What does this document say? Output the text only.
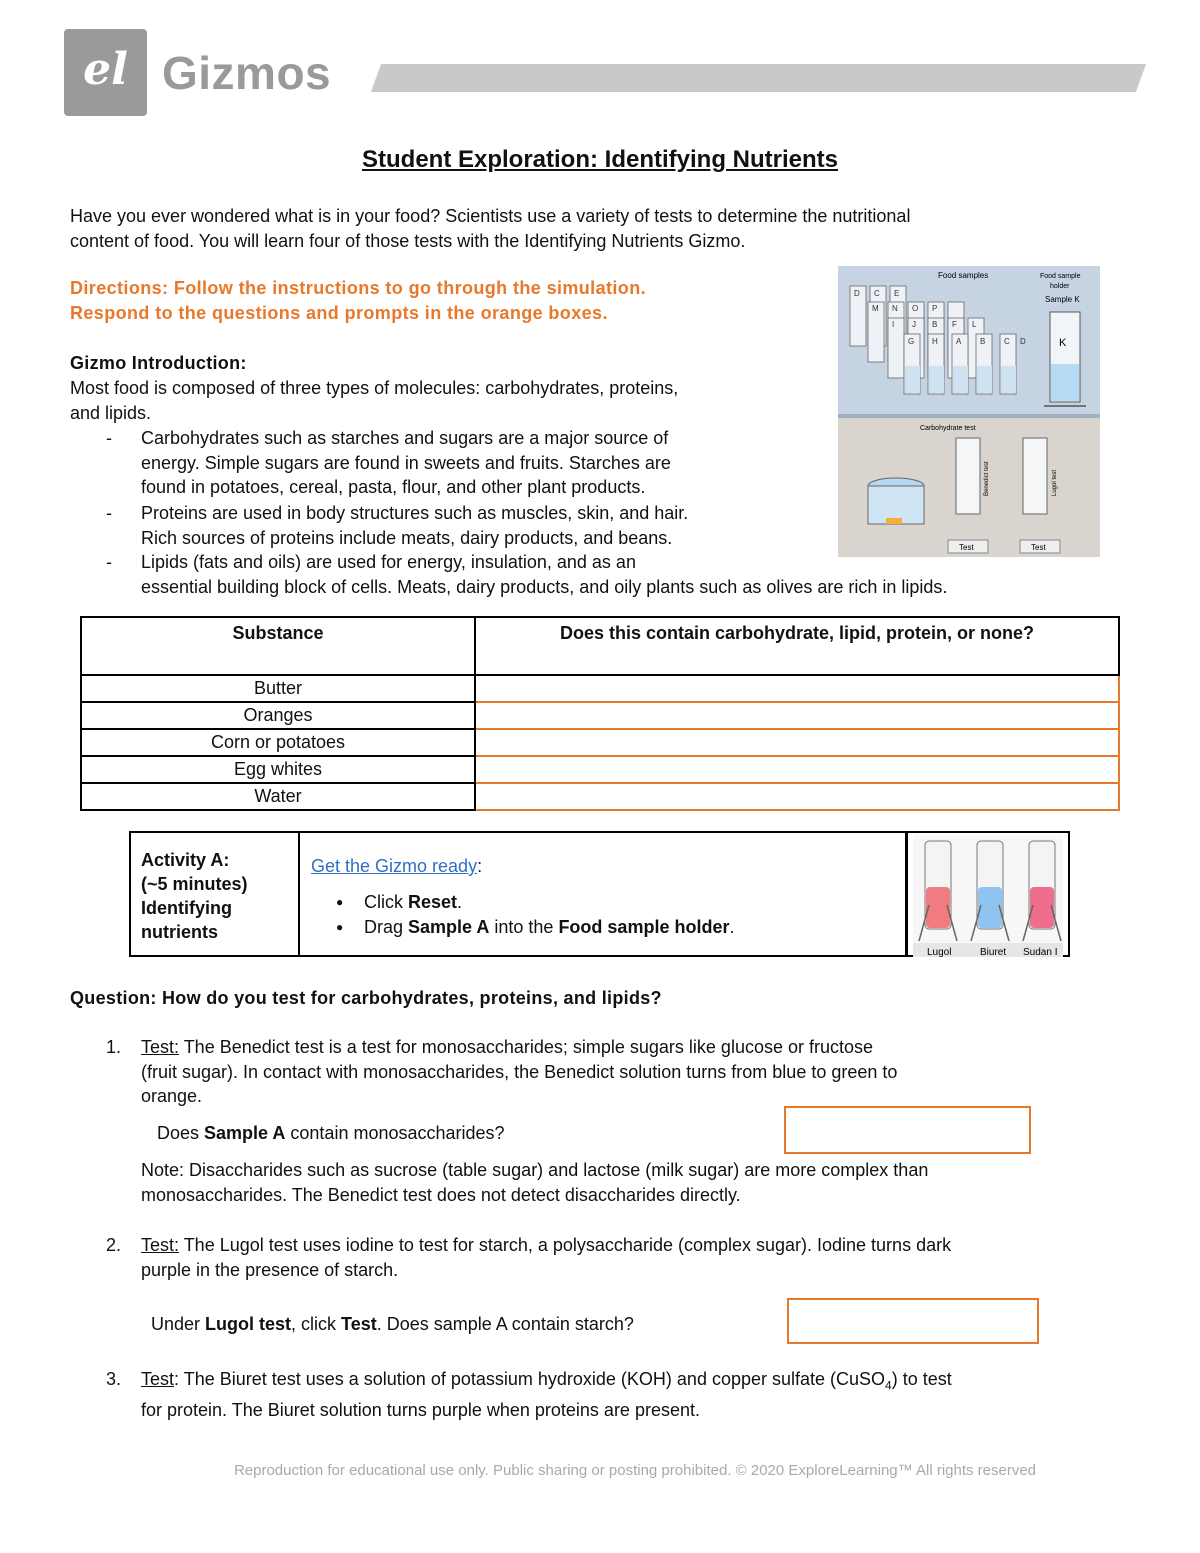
el Gizmos
Student Exploration: Identifying Nutrients
Have you ever wondered what is in your food? Scientists use a variety of tests to determine the nutritional
content of food. You will learn four of those tests with the Identifying Nutrients Gizmo.
Directions: Follow the instructions to go through the simulation.
Respond to the questions and prompts in the orange boxes.
Gizmo Introduction:
Most food is composed of three types of molecules: carbohydrates, proteins,
and lipids.
- Carbohydrates such as starches and sugars are a major source of
energy. Simple sugars are found in sweets and fruits. Starches are
found in potatoes, cereal, pasta, flour, and other plant products.
- Proteins are used in body structures such as muscles, skin, and hair.
Rich sources of proteins include meats, dairy products, and beans.
- Lipids (fats and oils) are used for energy, insulation, and as an
essential building block of cells. Meats, dairy products, and oily plants such as olives are rich in lipids.
Food samples	Food sample
holder
Sample K
D C E
M N O P
L
I J B F
G H A B C D	K
Carbohydrate test
Benedict test	Lugol test
Test	Test
Substance	Does this contain carbohydrate, lipid, protein, or none?
Butter	
Oranges	
Corn or potatoes	
Egg whites	
Water	
Activity A:
(~5 minutes)
Identifying
nutrients
Get the Gizmo ready:
● Click Reset.
● Drag Sample A into the Food sample holder.
Lugol	Biuret Sudan I
Question: How do you test for carbohydrates, proteins, and lipids?
1. Test: The Benedict test is a test for monosaccharides; simple sugars like glucose or fructose
(fruit sugar). In contact with monosaccharides, the Benedict solution turns from blue to green to
orange.
Does Sample A contain monosaccharides?
Note: Disaccharides such as sucrose (table sugar) and lactose (milk sugar) are more complex than
monosaccharides. The Benedict test does not detect disaccharides directly.
2. Test: The Lugol test uses iodine to test for starch, a polysaccharide (complex sugar). Iodine turns dark
purple in the presence of starch.
Under Lugol test, click Test. Does sample A contain starch?
3. Test: The Biuret test uses a solution of potassium hydroxide (KOH) and copper sulfate (CuSO$_4$) to test
for protein. The Biuret solution turns purple when proteins are present.
Reproduction for educational use only. Public sharing or posting prohibited. © 2020 ExploreLearning™ All rights reserved
